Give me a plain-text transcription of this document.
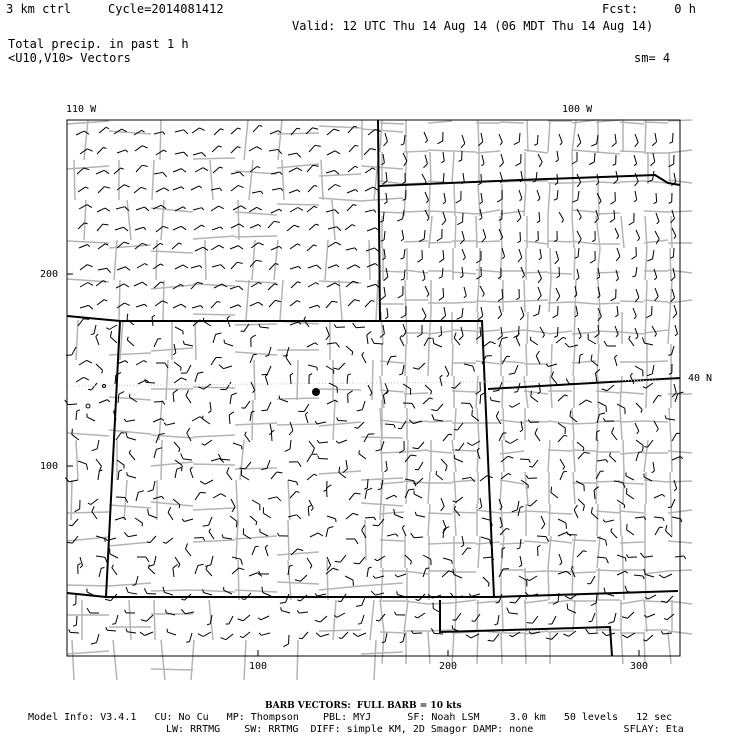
3 km ctrl	Cycle=2014081412	Fcst:     0 h
Valid: 12 UTC Thu 14 Aug 14 (06 MDT Thu 14 Aug 14)
Total precip. in past 1 h
<U10,V10> Vectors	sm= 4
110 W	100 W
40 N
200
100
100	200	300
BARB VECTORS:  FULL BARB = 10 kts
Model Info: V3.4.1   CU: No Cu   MP: Thompson    PBL: MYJ      SF: Noah LSM     3.0 km   50 levels   12 sec
LW: RRTMG    SW: RRTMG  DIFF: simple KM, 2D Smagor DAMP: none               SFLAY: Eta
